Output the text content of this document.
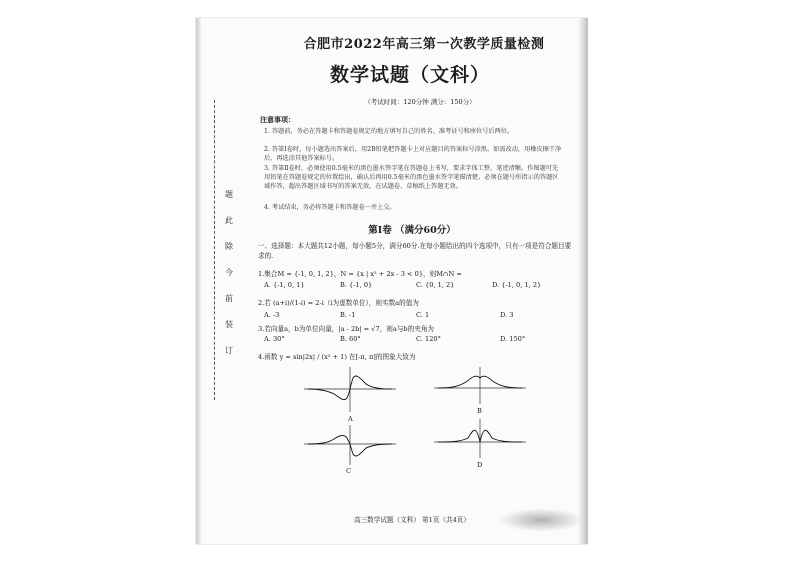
题 此 除 今 前 装 订
合肥市2022年高三第一次教学质量检测
数学试题（文科）
（考试时间：120分钟 满分：150分）
注意事项：
1. 答题前，务必在答题卡和答题卷规定的地方填写自己的姓名、准考证号和座位号后两位。
2. 答第Ⅰ卷时，每小题选出答案后，用2B铅笔把答题卡上对应题目的答案标号涂黑。如需改动，用橡皮擦干净后，再选涂其他答案标号。
3. 答第Ⅱ卷时，必须使用0.5毫米的黑色墨水签字笔在答题卷上书写，要求字体工整、笔迹清晰。作图题可先用铅笔在答题卷规定的位置绘出，确认后再用0.5毫米的黑色墨水签字笔描清楚。必须在题号所指示的答题区域作答，超出答题区域书写的答案无效，在试题卷、草稿纸上答题无效。
4. 考试结束，务必将答题卡和答题卷一并上交。
第Ⅰ卷 （满分60分）
一、选择题：本大题共12小题，每小题5分，满分60分.在每小题给出的四个选项中，只有一项是符合题目要求的.
1.集合M = {-1, 0, 1, 2}，N = {x | x² + 2x - 3 < 0}，则M∩N =
A. {-1, 0, 1}	B. {-1, 0}	C. {0, 1, 2}	D. {-1, 0, 1, 2}
2.若 (a+i)/(1-i) = 2-i（i为虚数单位），则实数a的值为
A. -3	B. -1	C. 1	D. 3
3.若向量a，b为单位向量，|a - 2b| = √7，则a与b的夹角为
A. 30°	B. 60°	C. 120°	D. 150°
4.函数 y = sin|2x| / (x² + 1) 在[-π, π]的图象大致为
A
B
C
D
高三数学试题（文科） 第1页（共4页）
